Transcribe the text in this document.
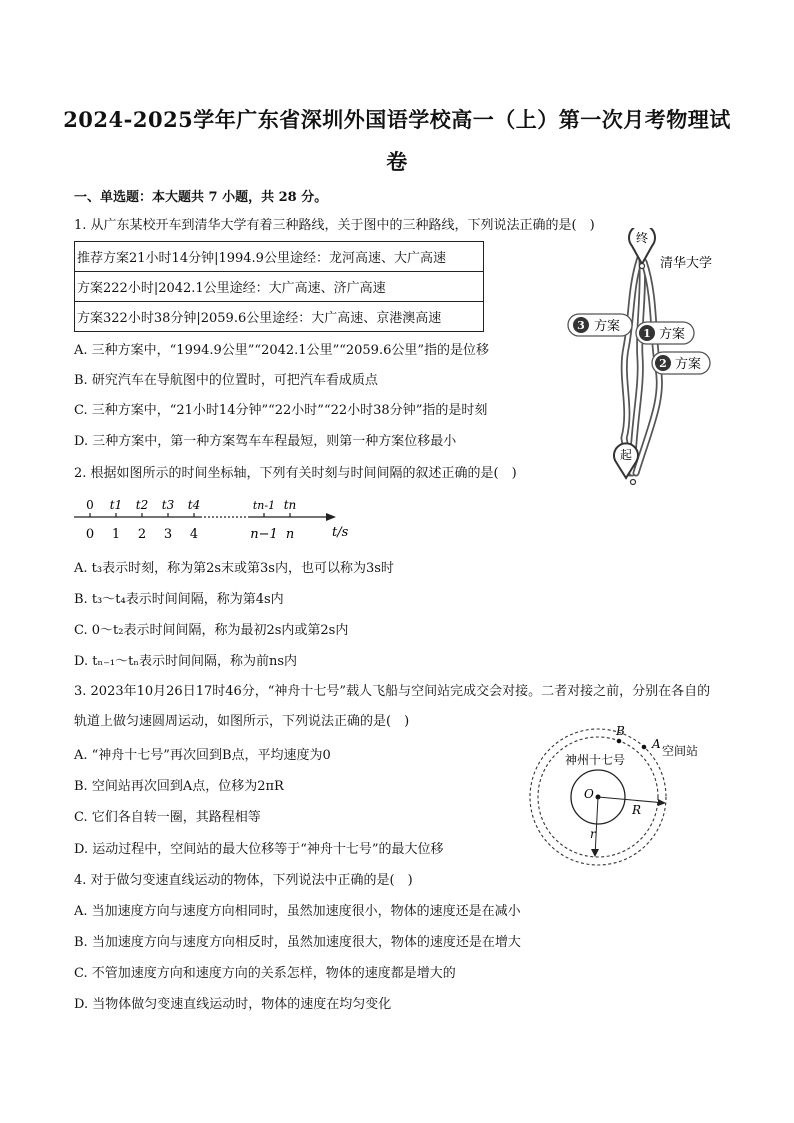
2024-2025学年广东省深圳外国语学校高一（上）第一次月考物理试
卷
一、单选题：本大题共 7 小题，共 28 分。
1. 从广东某校开车到清华大学有着三种路线，关于图中的三种路线，下列说法正确的是(　)
推荐方案21小时14分钟|1994.9公里途经：龙河高速、大广高速
方案222小时|2042.1公里途经：大广高速、济广高速
方案322小时38分钟|2059.6公里途经：大广高速、京港澳高速
A. 三种方案中，“1994.9公里”“2042.1公里”“2059.6公里”指的是位移
B. 研究汽车在导航图中的位置时，可把汽车看成质点
C. 三种方案中，“21小时14分钟”“22小时”“22小时38分钟”指的是时刻
D. 三种方案中，第一种方案驾车车程最短，则第一种方案位移最小
终
清华大学
3 方案 1 方案
2 方案
起
2. 根据如图所示的时间坐标轴，下列有关时刻与时间间隔的叙述正确的是(　)
0 t1 t2 t3 t4	tn-1 tn
0 1 2 3 4	n−1 n	t/s
A. t₃表示时刻，称为第2s末或第3s内，也可以称为3s时
B. t₃～t₄表示时间间隔，称为第4s内
C. 0～t₂表示时间间隔，称为最初2s内或第2s内
D. tₙ₋₁～tₙ表示时间间隔，称为前ns内
3. 2023年10月26日17时46分，“神舟十七号”载人飞船与空间站完成交会对接。二者对接之前，分别在各自的轨道上做匀速圆周运动，如图所示，下列说法正确的是(　)
A. “神舟十七号”再次回到B点，平均速度为0
B. 空间站再次回到A点，位移为2πR
C. 它们各自转一圈，其路程相等
D. 运动过程中，空间站的最大位移等于“神舟十七号”的最大位移
B
A 空间站
神州十七号
O
R
r
4. 对于做匀变速直线运动的物体，下列说法中正确的是(　)
A. 当加速度方向与速度方向相同时，虽然加速度很小，物体的速度还是在减小
B. 当加速度方向与速度方向相反时，虽然加速度很大，物体的速度还是在增大
C. 不管加速度方向和速度方向的关系怎样，物体的速度都是增大的
D. 当物体做匀变速直线运动时，物体的速度在均匀变化
